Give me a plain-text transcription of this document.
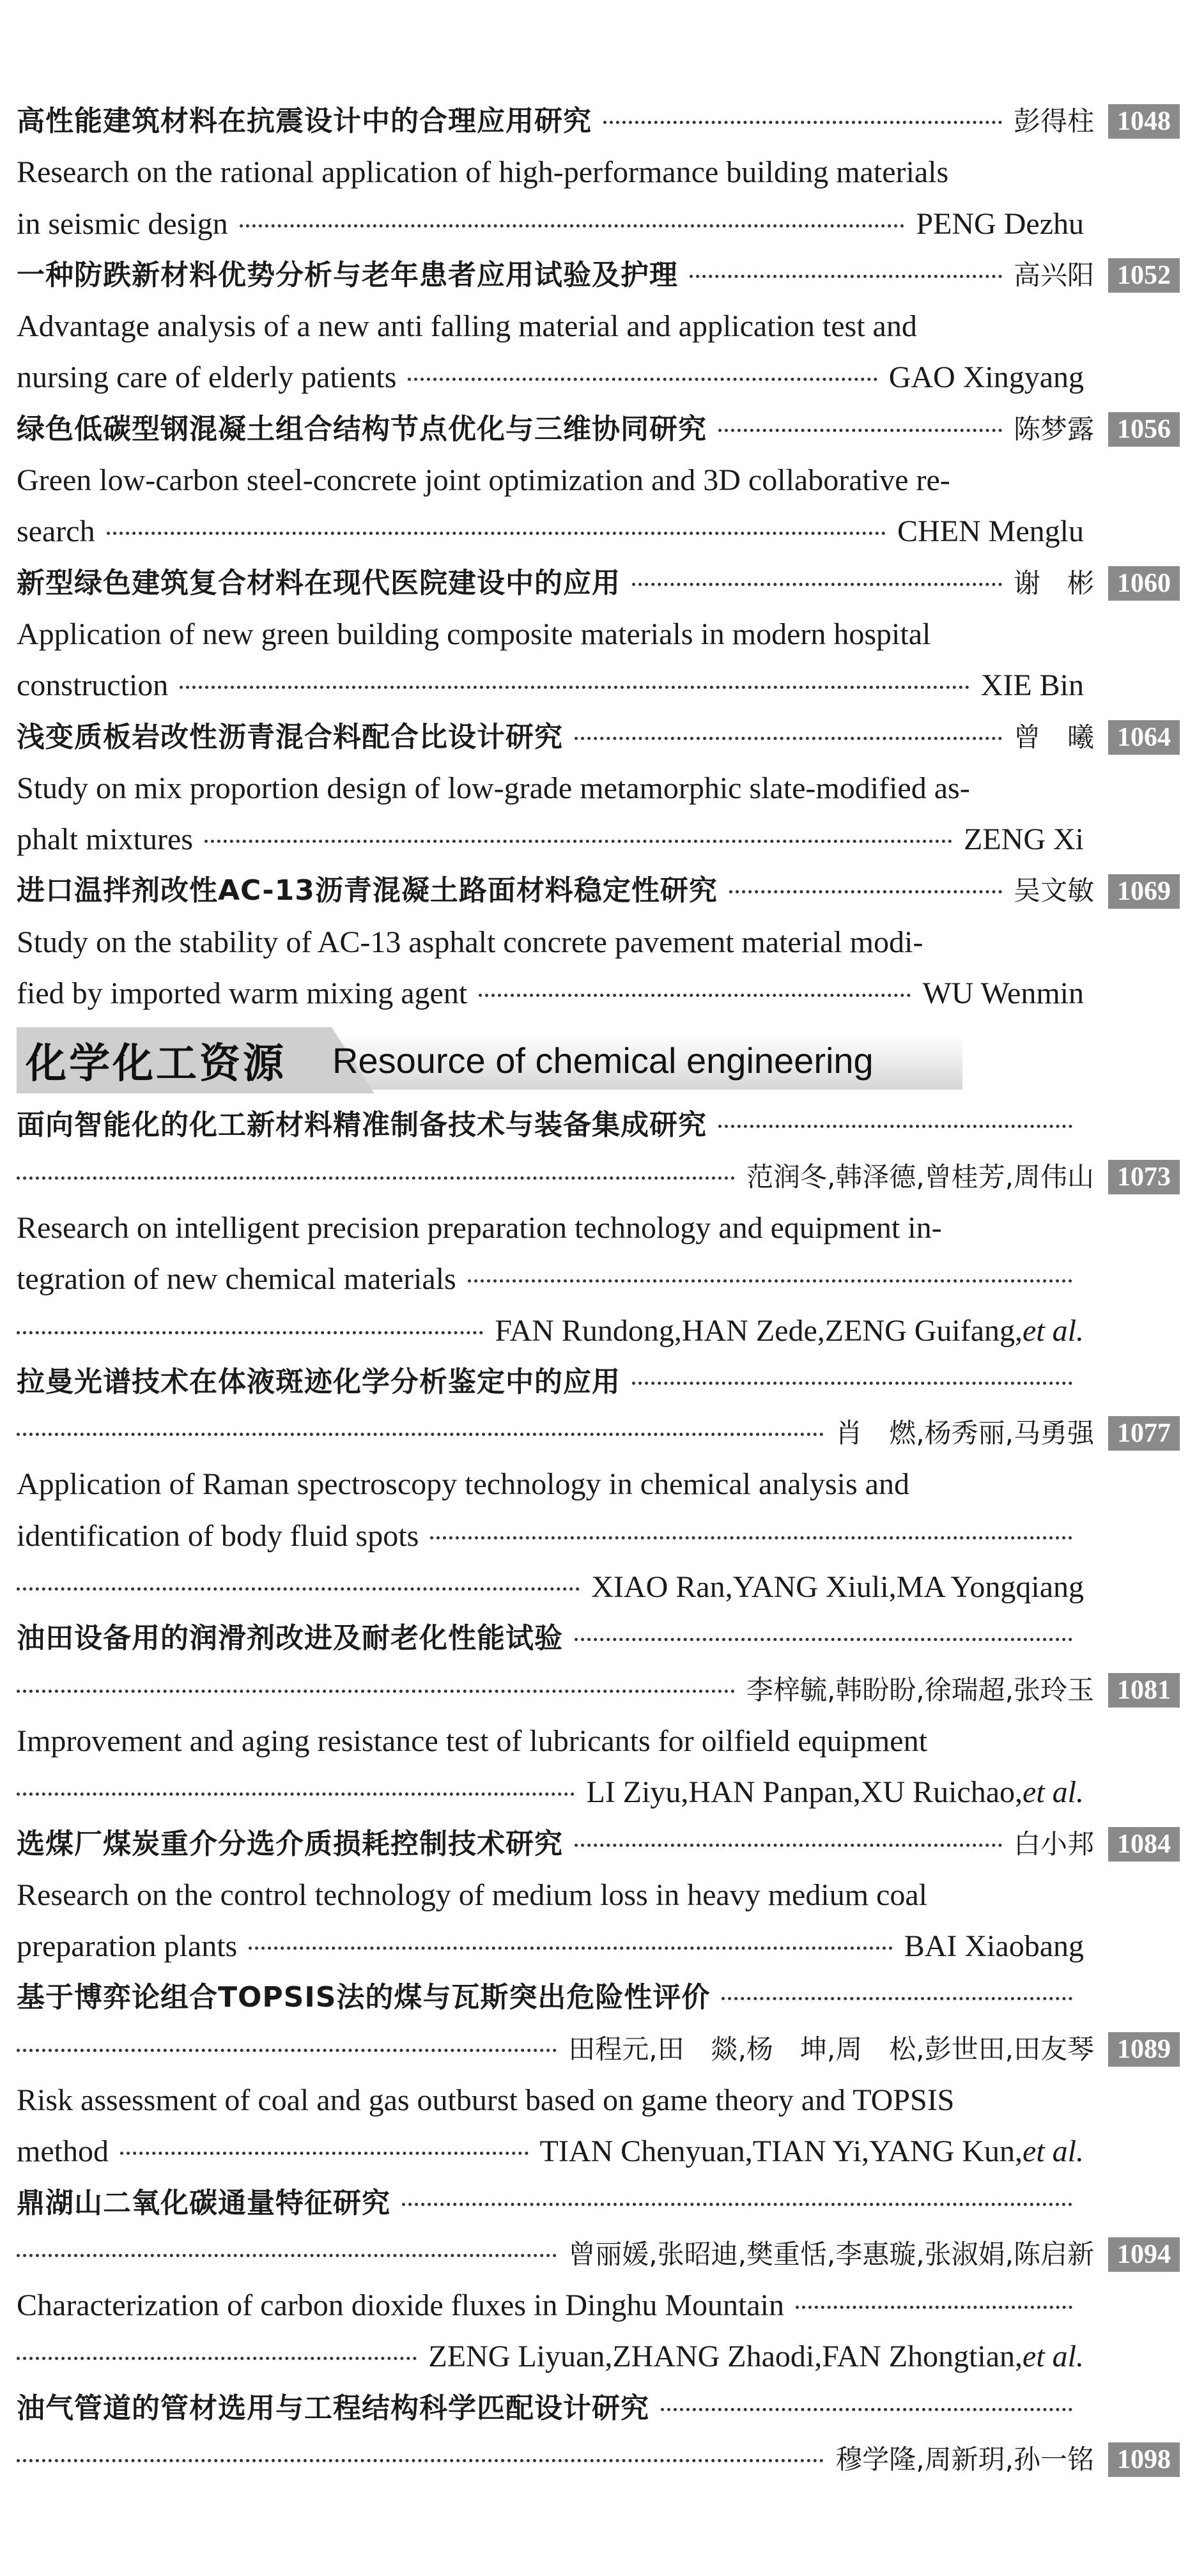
高性能建筑材料在抗震设计中的合理应用研究	彭得柱 1048
Research on the rational application of high-performance building materials
in seismic design	PENG Dezhu
一种防跌新材料优势分析与老年患者应用试验及护理	高兴阳 1052
Advantage analysis of a new anti falling material and application test and
nursing care of elderly patients	GAO Xingyang
绿色低碳型钢混凝土组合结构节点优化与三维协同研究	陈梦露 1056
Green low-carbon steel-concrete joint optimization and 3D collaborative re-
search	CHEN Menglu
新型绿色建筑复合材料在现代医院建设中的应用	谢　彬 1060
Application of new green building composite materials in modern hospital
construction	XIE Bin
浅变质板岩改性沥青混合料配合比设计研究	曾　曦 1064
Study on mix proportion design of low-grade metamorphic slate-modified as-
phalt mixtures	ZENG Xi
进口温拌剂改性AC-13沥青混凝土路面材料稳定性研究	吴文敏 1069
Study on the stability of AC-13 asphalt concrete pavement material modi-
fied by imported warm mixing agent	WU Wenmin
化学化工资源 Resource of chemical engineering
面向智能化的化工新材料精准制备技术与装备集成研究
范润冬,韩泽德,曾桂芳,周伟山 1073
Research on intelligent precision preparation technology and equipment in-
tegration of new chemical materials
FAN Rundong,HAN Zede,ZENG Guifang,et al.
拉曼光谱技术在体液斑迹化学分析鉴定中的应用
肖　燃,杨秀丽,马勇强 1077
Application of Raman spectroscopy technology in chemical analysis and
identification of body fluid spots
XIAO Ran,YANG Xiuli,MA Yongqiang
油田设备用的润滑剂改进及耐老化性能试验
李梓毓,韩盼盼,徐瑞超,张玲玉 1081
Improvement and aging resistance test of lubricants for oilfield equipment
LI Ziyu,HAN Panpan,XU Ruichao,et al.
选煤厂煤炭重介分选介质损耗控制技术研究	白小邦 1084
Research on the control technology of medium loss in heavy medium coal
preparation plants	BAI Xiaobang
基于博弈论组合TOPSIS法的煤与瓦斯突出危险性评价
田程元,田　燚,杨　坤,周　松,彭世田,田友琴 1089
Risk assessment of coal and gas outburst based on game theory and TOPSIS
method	TIAN Chenyuan,TIAN Yi,YANG Kun,et al.
鼎湖山二氧化碳通量特征研究
曾丽媛,张昭迪,樊重恬,李惠璇,张淑娟,陈启新 1094
Characterization of carbon dioxide fluxes in Dinghu Mountain
ZENG Liyuan,ZHANG Zhaodi,FAN Zhongtian,et al.
油气管道的管材选用与工程结构科学匹配设计研究
穆学隆,周新玥,孙一铭 1098
